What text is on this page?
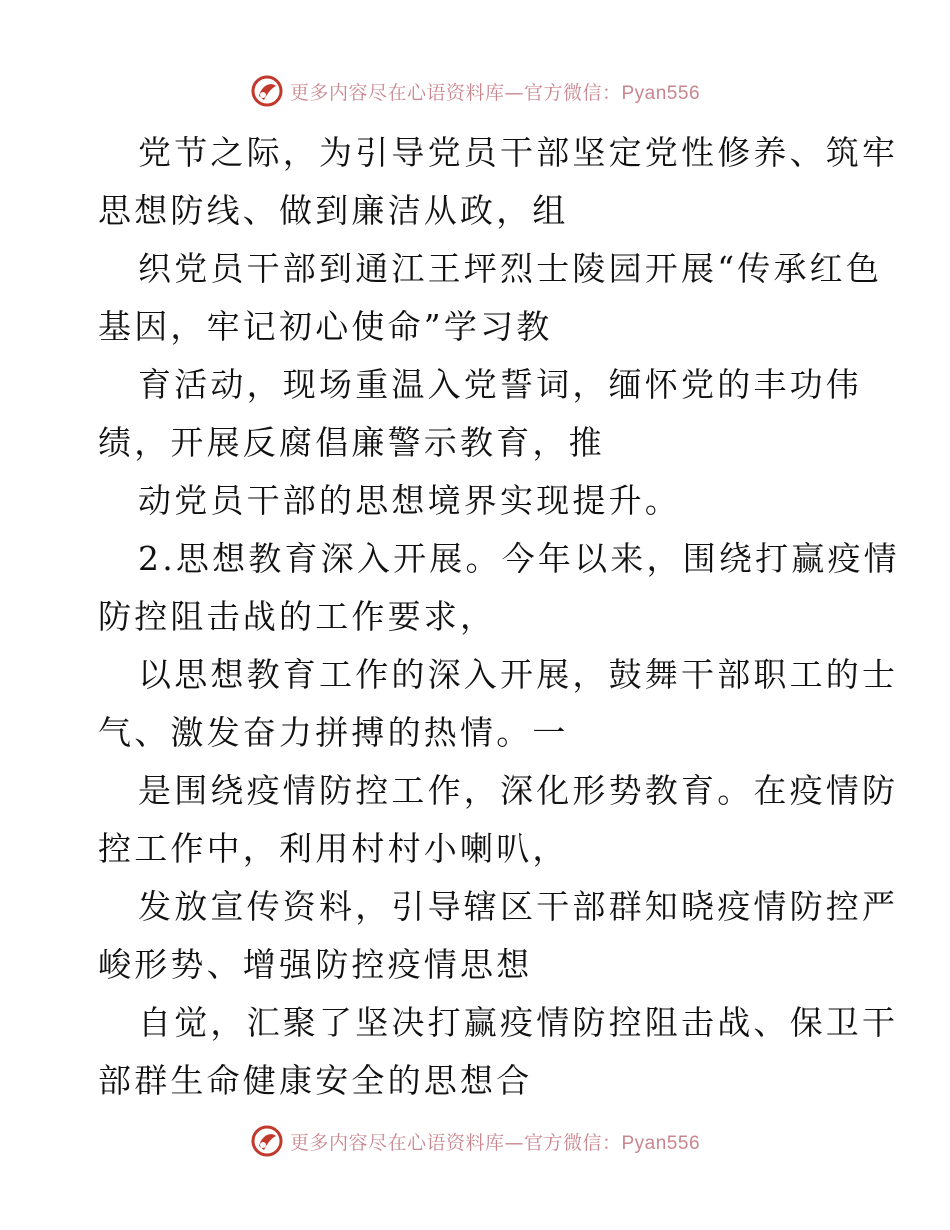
更多内容尽在心语资料库—官方微信：Pyan556
党节之际，为引导党员干部坚定党性修养、筑牢
思想防线、做到廉洁从政，组
织党员干部到通江王坪烈士陵园开展“传承红色
基因，牢记初心使命”学习教
育活动，现场重温入党誓词，缅怀党的丰功伟
绩，开展反腐倡廉警示教育，推
动党员干部的思想境界实现提升。
2.思想教育深入开展。今年以来，围绕打赢疫情
防控阻击战的工作要求，
以思想教育工作的深入开展，鼓舞干部职工的士
气、激发奋力拼搏的热情。一
是围绕疫情防控工作，深化形势教育。在疫情防
控工作中，利用村村小喇叭，
发放宣传资料，引导辖区干部群知晓疫情防控严
峻形势、增强防控疫情思想
自觉，汇聚了坚决打赢疫情防控阻击战、保卫干
部群生命健康安全的思想合
更多内容尽在心语资料库—官方微信：Pyan556
